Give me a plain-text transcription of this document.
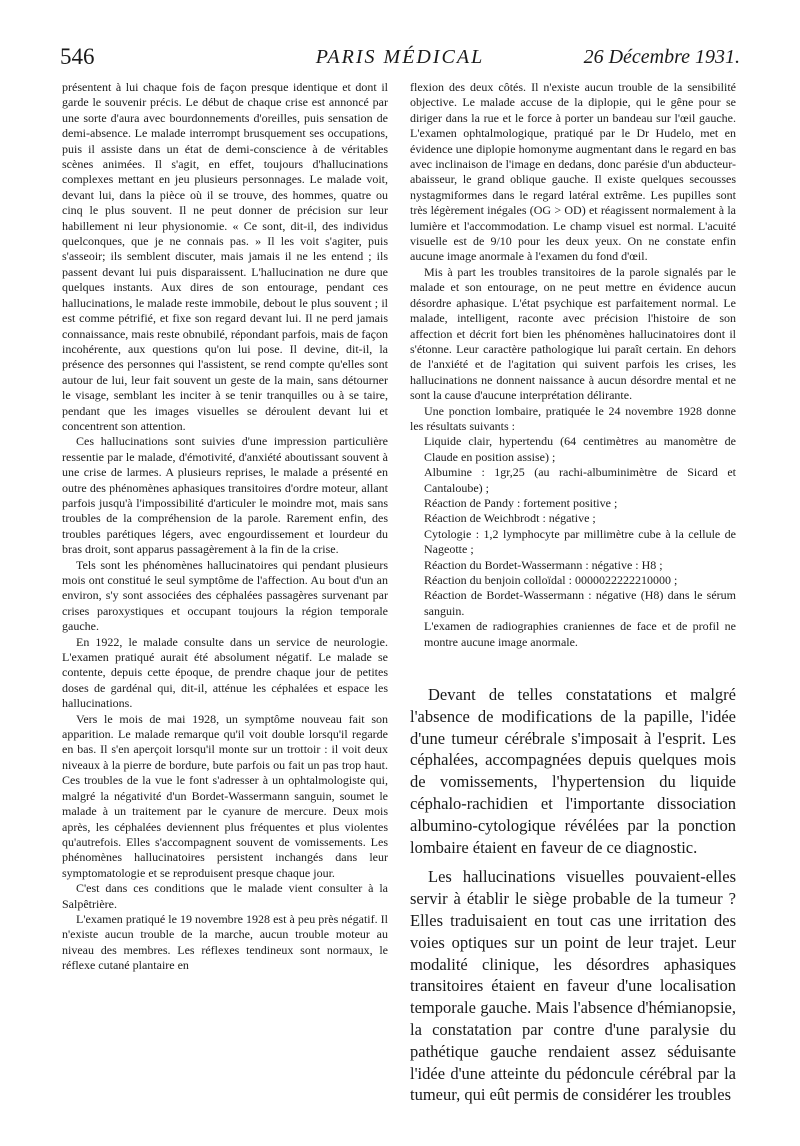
546	PARIS MÉDICAL	26 Décembre 1931.

présentent à lui chaque fois de façon presque identique et dont il garde le souvenir précis. Le début de chaque crise est annoncé par une sorte d'aura avec bourdonnements d'oreilles, puis sensation de demi-absence. Le malade interrompt brusquement ses occupations, puis il assiste dans un état de demi-conscience à de véritables scènes animées. Il s'agit, en effet, toujours d'hallucinations complexes mettant en jeu plusieurs personnages. Le malade voit, devant lui, dans la pièce où il se trouve, des hommes, quatre ou cinq le plus souvent. Il ne peut donner de précision sur leur habillement ni leur physionomie. « Ce sont, dit-il, des individus quelconques, que je ne connais pas. » Il les voit s'agiter, puis s'asseoir; ils semblent discuter, mais jamais il ne les entend ; ils passent devant lui puis disparaissent. L'hallucination ne dure que quelques instants. Aux dires de son entourage, pendant ces hallucinations, le malade reste immobile, debout le plus souvent ; il est comme pétrifié, et fixe son regard devant lui. Il ne perd jamais connaissance, mais reste obnubilé, répondant parfois, mais de façon incohérente, aux questions qu'on lui pose. Il devine, dit-il, la présence des personnes qui l'assistent, se rend compte qu'elles sont autour de lui, leur fait souvent un geste de la main, sans détourner le visage, semblant les inciter à se tenir tranquilles ou à se taire, pendant que les images visuelles se déroulent devant lui et concentrent son attention.

Ces hallucinations sont suivies d'une impression particulière ressentie par le malade, d'émotivité, d'anxiété aboutissant souvent à une crise de larmes. A plusieurs reprises, le malade a présenté en outre des phénomènes aphasiques transitoires d'ordre moteur, allant parfois jusqu'à l'impossibilité d'articuler le moindre mot, mais sans troubles de la compréhension de la parole. Rarement enfin, des troubles parétiques légers, avec engourdissement et lourdeur du bras droit, sont apparus passagèrement à la fin de la crise.

Tels sont les phénomènes hallucinatoires qui pendant plusieurs mois ont constitué le seul symptôme de l'affection. Au bout d'un an environ, s'y sont associées des céphalées passagères survenant par crises paroxystiques et occupant toujours la région temporale gauche.

En 1922, le malade consulte dans un service de neurologie. L'examen pratiqué aurait été absolument négatif. Le malade se contente, depuis cette époque, de prendre chaque jour de petites doses de gardénal qui, dit-il, atténue les céphalées et espace les hallucinations.

Vers le mois de mai 1928, un symptôme nouveau fait son apparition. Le malade remarque qu'il voit double lorsqu'il regarde en bas. Il s'en aperçoit lorsqu'il monte sur un trottoir : il voit deux niveaux à la pierre de bordure, bute parfois ou fait un pas trop haut. Ces troubles de la vue le font s'adresser à un ophtalmologiste qui, malgré la négativité d'un Bordet-Wassermann sanguin, soumet le malade à un traitement par le cyanure de mercure. Deux mois après, les céphalées deviennent plus fréquentes et plus violentes qu'autrefois. Elles s'accompagnent souvent de vomissements. Les phénomènes hallucinatoires persistent inchangés dans leur symptomatologie et se reproduisent presque chaque jour.

C'est dans ces conditions que le malade vient consulter à la Salpêtrière.

L'examen pratiqué le 19 novembre 1928 est à peu près négatif. Il n'existe aucun trouble de la marche, aucun trouble moteur au niveau des membres. Les réflexes tendineux sont normaux, le réflexe cutané plantaire en

flexion des deux côtés. Il n'existe aucun trouble de la sensibilité objective. Le malade accuse de la diplopie, qui le gêne pour se diriger dans la rue et le force à porter un bandeau sur l'œil gauche. L'examen ophtalmologique, pratiqué par le Dr Hudelo, met en évidence une diplopie homonyme augmentant dans le regard en bas avec inclinaison de l'image en dedans, donc parésie d'un abducteur-abaisseur, le grand oblique gauche. Il existe quelques secousses nystagmiformes dans le regard latéral extrême. Les pupilles sont très légèrement inégales (OG > OD) et réagissent normalement à la lumière et l'accommodation. Le champ visuel est normal. L'acuité visuelle est de 9/10 pour les deux yeux. On ne constate enfin aucune image anormale à l'examen du fond d'œil.

Mis à part les troubles transitoires de la parole signalés par le malade et son entourage, on ne peut mettre en évidence aucun désordre aphasique. L'état psychique est parfaitement normal. Le malade, intelligent, raconte avec précision l'histoire de son affection et décrit fort bien les phénomènes hallucinatoires dont il s'étonne. Leur caractère pathologique lui paraît certain. En dehors de l'anxiété et de l'agitation qui suivent parfois les crises, les hallucinations ne donnent naissance à aucun désordre mental et ne sont la cause d'aucune interprétation délirante.

Une ponction lombaire, pratiquée le 24 novembre 1928 donne les résultats suivants :

Liquide clair, hypertendu (64 centimètres au manomètre de Claude en position assise) ;

Albumine : 1gr,25 (au rachi-albuminimètre de Sicard et Cantaloube) ;

Réaction de Pandy : fortement positive ;

Réaction de Weichbrodt : négative ;

Cytologie : 1,2 lymphocyte par millimètre cube à la cellule de Nageotte ;

Réaction du Bordet-Wassermann : négative : H8 ;

Réaction du benjoin colloïdal : 0000022222210000 ;

Réaction de Bordet-Wassermann : négative (H8) dans le sérum sanguin.

L'examen de radiographies craniennes de face et de profil ne montre aucune image anormale.

Devant de telles constatations et malgré l'absence de modifications de la papille, l'idée d'une tumeur cérébrale s'imposait à l'esprit. Les céphalées, accompagnées depuis quelques mois de vomissements, l'hypertension du liquide céphalo-rachidien et l'importante dissociation albumino-cytologique révélées par la ponction lombaire étaient en faveur de ce diagnostic.

Les hallucinations visuelles pouvaient-elles servir à établir le siège probable de la tumeur ? Elles traduisaient en tout cas une irritation des voies optiques sur un point de leur trajet. Leur modalité clinique, les désordres aphasiques transitoires étaient en faveur d'une localisation temporale gauche. Mais l'absence d'hémianopsie, la constatation par contre d'une paralysie du pathétique gauche rendaient assez séduisante l'idée d'une atteinte du pédoncule cérébral par la tumeur, qui eût permis de considérer les troubles
